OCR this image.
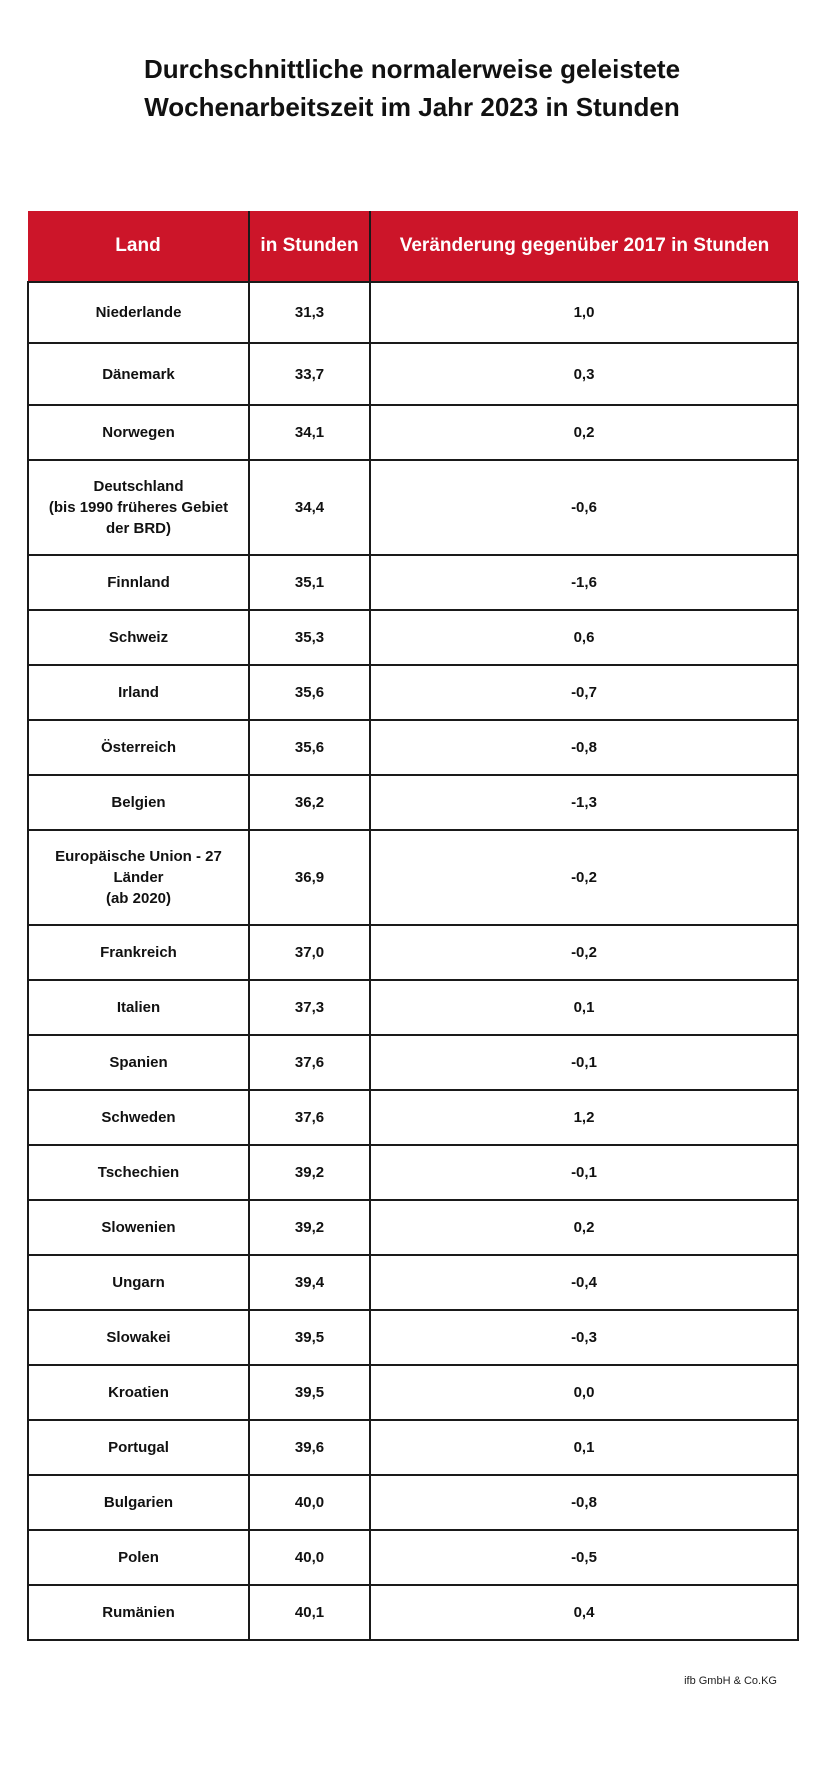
Durchschnittliche normalerweise geleistete
Wochenarbeitszeit im Jahr 2023 in Stunden
Land	in Stunden	Veränderung gegenüber 2017 in Stunden

Niederlande	31,3	1,0

Dänemark	33,7	0,3

Norwegen	34,1	0,2

Deutschland
(bis 1990 früheres Gebiet
der BRD)	34,4	-0,6

Finnland	35,1	-1,6

Schweiz	35,3	0,6

Irland	35,6	-0,7

Österreich	35,6	-0,8

Belgien	36,2	-1,3

Europäische Union - 27
Länder
(ab 2020)	36,9	-0,2

Frankreich	37,0	-0,2

Italien	37,3	0,1

Spanien	37,6	-0,1

Schweden	37,6	1,2

Tschechien	39,2	-0,1

Slowenien	39,2	0,2

Ungarn	39,4	-0,4

Slowakei	39,5	-0,3

Kroatien	39,5	0,0

Portugal	39,6	0,1

Bulgarien	40,0	-0,8

Polen	40,0	-0,5

Rumänien	40,1	0,4
ifb GmbH & Co.KG
